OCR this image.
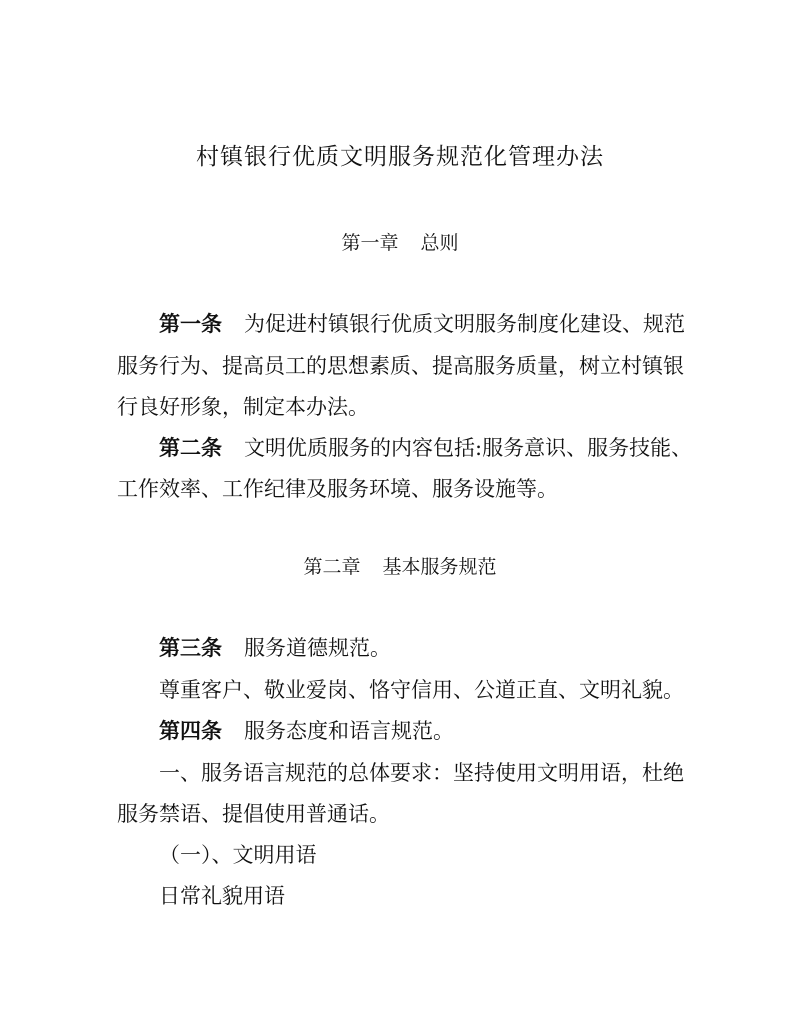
村镇银行优质文明服务规范化管理办法
第一章 总则
第一条 为促进村镇银行优质文明服务制度化建设、规范
服务行为、提高员工的思想素质、提高服务质量，树立村镇银
行良好形象，制定本办法。
第二条 文明优质服务的内容包括:服务意识、服务技能、
工作效率、工作纪律及服务环境、服务设施等。
第二章 基本服务规范
第三条 服务道德规范。
尊重客户、敬业爱岗、恪守信用、公道正直、文明礼貌。
第四条 服务态度和语言规范。
一、服务语言规范的总体要求：坚持使用文明用语，杜绝
服务禁语、提倡使用普通话。
（一）、文明用语
日常礼貌用语
